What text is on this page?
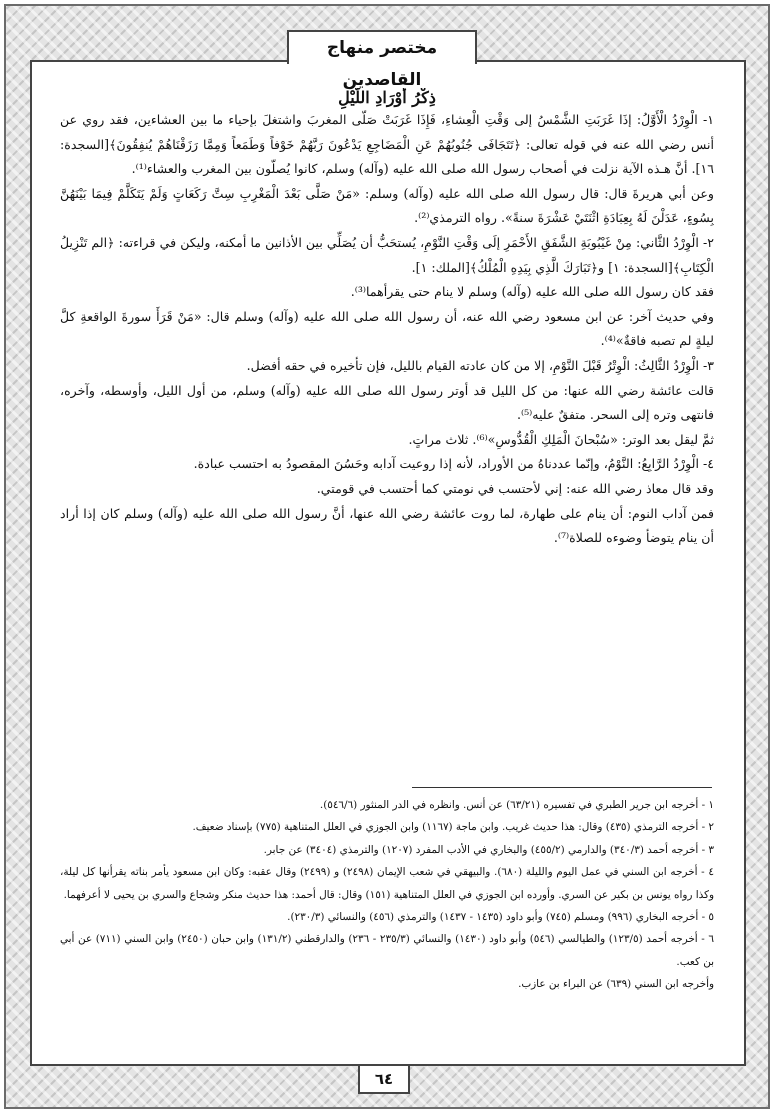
مختصر منهاج القاصدين
ذِكْرُ أَوْرَادِ اللَّيْلِ

١- الْوِرْدُ الْأَوَّلُ: إذَا غَرَبَتِ الشَّمْسُ إلى وَقْتِ الْعِشاءِ، فَإِذَا غَرَبَتْ صَلّى المغربَ واشتغلَ بإحياء ما بين العشاءين، فقد روي عن أنس رضي الله عنه في قوله تعالى: ﴿تَتَجَافَى جُنُوبُهُمْ عَنِ الْمَضَاجِعِ يَدْعُونَ رَبَّهُمْ خَوْفاً وَطَمَعاً وَمِمَّا رَزَقْنَاهُمْ يُنفِقُونَ﴾[السجدة: ١٦]. أنَّ هـذه الآية نزلت في أصحاب رسول الله صلى الله عليه (وآله) وسلم، كانوا يُصلّون بين المغرب والعشاء⁽¹⁾.

وعن أبي هريرةَ قال: قال رسول الله صلى الله عليه (وآله) وسلم: «مَنْ صَلَّى بَعْدَ الْمَغْرِبِ سِتَّ رَكَعَاتٍ وَلَمْ يَتَكَلَّمْ فِيمَا بَيْنَهُنَّ بِسُوءٍ، عَدَلْنَ لَهُ بِعِبَادَةِ اثْنَتَيْ عَشْرَةَ سنةً». رواه الترمذي⁽²⁾.

٢- الْوِرْدُ الثَّاني: مِنْ غَيْبُوبَةِ الشَّفَقِ الأَحْمَرِ إلَى وَقْتِ النَّوْمِ، يُستحَبُّ أن يُصَلِّي بين الأذانين ما أمكنه، وليكن في قراءته: ﴿الم تَنْزِيلُ الْكِتَابِ﴾[السجدة: ١] و﴿تَبَارَكَ الَّذِي بِيَدِهِ الْمُلْكُ﴾[الملك: ١].

فقد كان رسول الله صلى الله عليه (وآله) وسلم لا ينام حتى يقرأهما⁽³⁾.

وفي حديث آخر: عن ابن مسعود رضي الله عنه، أن رسول الله صلى الله عليه (وآله) وسلم قال: «مَنْ قَرَأَ سورةَ الواقعةِ كلَّ ليلةٍ لم تصبه فاقةٌ»⁽⁴⁾.

٣- الْوِرْدُ الثَّالِثُ: الْوِتْرُ قَبْلَ النَّوْمِ، إلا من كان عادته القيام بالليل، فإن تأخيره في حقه أفضل.

قالت عائشة رضي الله عنها: من كل الليل قد أوتر رسول الله صلى الله عليه (وآله) وسلم، من أول الليل، وأوسطه، وآخره، فانتهى وتره إلى السحر. متفقٌ عليه⁽⁵⁾.

ثمَّ ليقل بعد الوتر: «سُبْحانَ الْمَلِكِ الْقُدُّوسِ»⁽⁶⁾. ثلاث مراتٍ.

٤- الْوِرْدُ الرَّابِعُ: النَّوْمُ، وإنّما عددناهُ من الأوراد، لأنه إذا روعيت آدابه وحَسُنَ المقصودُ به احتسب عبادة.

وقد قال معاذ رضي الله عنه: إني لأحتسب في نومتي كما أحتسب في قومتي.

فمن آداب النوم: أن ينام على طهارة، لما روت عائشة رضي الله عنها، أنَّ رسول الله صلى الله عليه (وآله) وسلم كان إذا أراد أن ينام يتوضأ وضوءه للصلاة⁽⁷⁾.

١ - أخرجه ابن جرير الطبري في تفسيره (٦٣/٢١) عن أنس. وانظره في الدر المنثور (٥٤٦/٦).

٢ - أخرجه الترمذي (٤٣٥) وقال: هذا حديث غريب. وابن ماجة (١١٦٧) وابن الجوزي في العلل المتناهية (٧٧٥) بإسناد ضعيف.

٣ - أخرجه أحمد (٣٤٠/٣) والدارمي (٤٥٥/٢) والبخاري في الأدب المفرد (١٢٠٧) والترمذي (٣٤٠٤) عن جابر.

٤ - أخرجه ابن السني في عمل اليوم والليلة (٦٨٠). والبيهقي في شعب الإيمان (٢٤٩٨) و (٢٤٩٩) وقال عقبه: وكان ابن مسعود يأمر بناته يقرأنها كل ليلة، وكذا رواه يونس بن بكير عن السري. وأورده ابن الجوزي في العلل المتناهية (١٥١) وقال: قال أحمد: هذا حديث منكر وشجاع والسري بن يحيى لا أعرفهما.

٥ - أخرجه البخاري (٩٩٦) ومسلم (٧٤٥) وأبو داود (١٤٣٥ - ١٤٣٧) والترمذي (٤٥٦) والنسائي (٢٣٠/٣).

٦ - أخرجه أحمد (١٢٣/٥) والطيالسي (٥٤٦) وأبو داود (١٤٣٠) والنسائي (٢٣٥/٣ - ٢٣٦) والدارقطني (١٣١/٢) وابن حبان (٢٤٥٠) وابن السني (٧١١) عن أبي بن كعب.

وأخرجه ابن السني (٦٣٩) عن البراء بن عازب.

٦٤
